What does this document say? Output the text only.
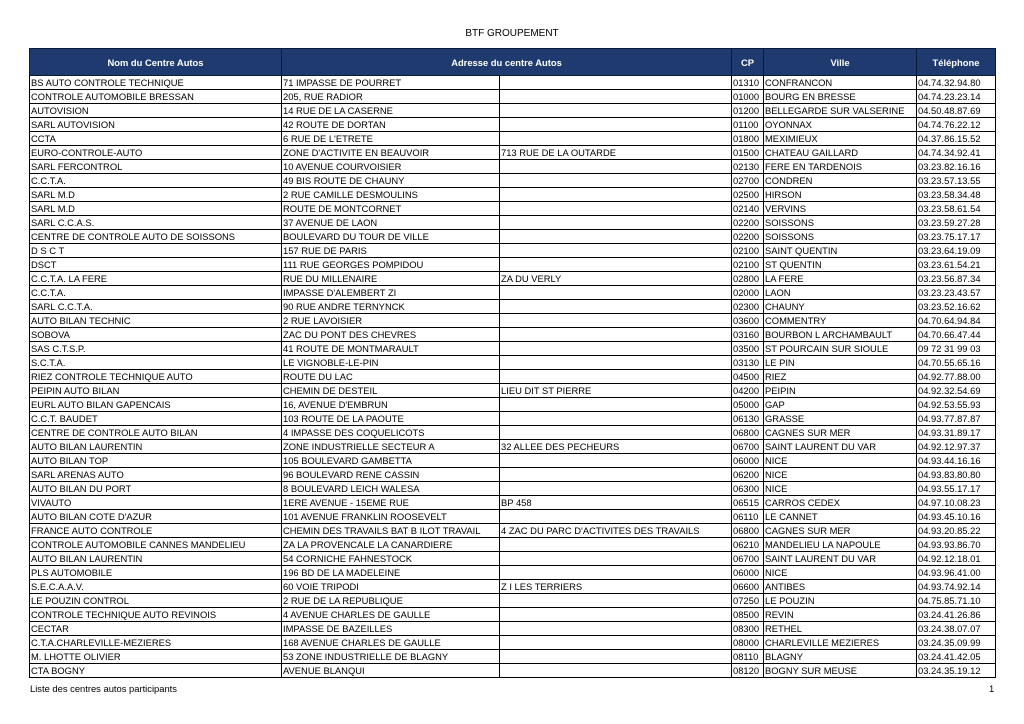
BTF GROUPEMENT
Nom du Centre Autos	Adresse du centre Autos		CP	Ville	Téléphone
BS AUTO CONTROLE TECHNIQUE	71 IMPASSE DE POURRET		01310	CONFRANCON	04.74.32.94.80
CONTROLE AUTOMOBILE BRESSAN	205, RUE RADIOR		01000	BOURG EN BRESSE	04.74.23.23.14
AUTOVISION	14 RUE DE LA CASERNE		01200	BELLEGARDE SUR VALSERINE	04.50.48.87.69
SARL AUTOVISION	42 ROUTE DE DORTAN		01100	OYONNAX	04.74.76.22.12
CCTA	6 RUE DE L'ETRETE		01800	MEXIMIEUX	04.37.86.15.52
EURO-CONTROLE-AUTO	ZONE D'ACTIVITE EN BEAUVOIR	713 RUE DE LA OUTARDE	01500	CHATEAU GAILLARD	04.74.34.92.41
SARL FERCONTROL	10 AVENUE COURVOISIER		02130	FERE EN TARDENOIS	03.23.82.16.16
C.C.T.A.	49 BIS ROUTE DE CHAUNY		02700	CONDREN	03.23.57.13.55
SARL M.D	2 RUE CAMILLE DESMOULINS		02500	HIRSON	03.23.58.34.48
SARL M.D	ROUTE DE MONTCORNET		02140	VERVINS	03.23.58.61.54
SARL C.C.A.S.	37 AVENUE DE LAON		02200	SOISSONS	03.23.59.27.28
CENTRE DE CONTROLE AUTO DE SOISSONS	BOULEVARD DU TOUR DE VILLE		02200	SOISSONS	03.23.75.17.17
D S C T	157 RUE DE PARIS		02100	SAINT QUENTIN	03.23.64.19.09
DSCT	111 RUE GEORGES POMPIDOU		02100	ST QUENTIN	03.23.61.54.21
C.C.T.A. LA FERE	RUE DU MILLENAIRE	ZA DU VERLY	02800	LA FERE	03.23.56.87.34
C.C.T.A.	IMPASSE D'ALEMBERT ZI		02000	LAON	03.23.23.43.57
SARL C.C.T.A.	90 RUE ANDRE TERNYNCK		02300	CHAUNY	03.23.52.16.62
AUTO BILAN TECHNIC	2 RUE LAVOISIER		03600	COMMENTRY	04.70.64.94.84
SOBOVA	ZAC DU PONT DES CHEVRES		03160	BOURBON L ARCHAMBAULT	04.70.66.47.44
SAS C.T.S.P.	41 ROUTE DE MONTMARAULT		03500	ST POURCAIN SUR SIOULE	09 72 31 99 03
S.C.T.A.	LE VIGNOBLE-LE-PIN		03130	LE PIN	04.70.55.65.16
RIEZ CONTROLE TECHNIQUE AUTO	ROUTE DU LAC		04500	RIEZ	04.92.77.88.00
PEIPIN AUTO BILAN	CHEMIN DE DESTEIL	LIEU DIT ST PIERRE	04200	PEIPIN	04.92.32.54.69
EURL AUTO BILAN GAPENCAIS	16, AVENUE D'EMBRUN		05000	GAP	04.92.53.55.93
C.C.T. BAUDET	103 ROUTE DE LA PAOUTE		06130	GRASSE	04.93.77.87.87
CENTRE DE CONTROLE AUTO BILAN	4 IMPASSE DES COQUELICOTS		06800	CAGNES SUR MER	04.93.31.89.17
AUTO BILAN LAURENTIN	ZONE INDUSTRIELLE SECTEUR A	32 ALLEE DES PECHEURS	06700	SAINT LAURENT DU VAR	04.92.12.97.37
AUTO BILAN TOP	105 BOULEVARD GAMBETTA		06000	NICE	04.93.44.16.16
SARL ARENAS AUTO	96 BOULEVARD RENE CASSIN		06200	NICE	04.93.83.80.80
AUTO BILAN DU PORT	8 BOULEVARD LEICH WALESA		06300	NICE	04.93.55.17.17
VIVAUTO	1ERE AVENUE - 15EME RUE	BP 458	06515	CARROS CEDEX	04.97.10.08.23
AUTO BILAN COTE D'AZUR	101 AVENUE FRANKLIN ROOSEVELT		06110	LE CANNET	04.93.45.10.16
FRANCE AUTO CONTROLE	CHEMIN DES TRAVAILS BAT B ILOT TRAVAIL	4 ZAC DU PARC D'ACTIVITES DES TRAVAILS	06800	CAGNES SUR MER	04.93.20.85.22
CONTROLE AUTOMOBILE CANNES MANDELIEU	ZA LA PROVENCALE LA CANARDIERE		06210	MANDELIEU LA NAPOULE	04.93.93.86.70
AUTO BILAN LAURENTIN	54 CORNICHE FAHNESTOCK		06700	SAINT LAURENT DU VAR	04.92.12.18.01
PLS AUTOMOBILE	196 BD DE LA MADELEINE		06000	NICE	04.93.96.41.00
S.E.C.A.A.V.	60 VOIE TRIPODI	Z I LES TERRIERS	06600	ANTIBES	04.93.74.92.14
LE POUZIN CONTROL	2 RUE DE LA REPUBLIQUE		07250	LE POUZIN	04.75.85.71.10
CONTROLE TECHNIQUE AUTO REVINOIS	4 AVENUE CHARLES DE GAULLE		08500	REVIN	03.24.41.26.86
CECTAR	IMPASSE DE BAZEILLES		08300	RETHEL	03.24.38.07.07
C.T.A.CHARLEVILLE-MEZIERES	168 AVENUE CHARLES DE GAULLE		08000	CHARLEVILLE MEZIERES	03.24.35.09.99
M. LHOTTE OLIVIER	53 ZONE INDUSTRIELLE DE BLAGNY		08110	BLAGNY	03.24.41.42.05
CTA BOGNY	AVENUE BLANQUI		08120	BOGNY SUR MEUSE	03.24.35.19.12
Liste des centres autos participants	1
